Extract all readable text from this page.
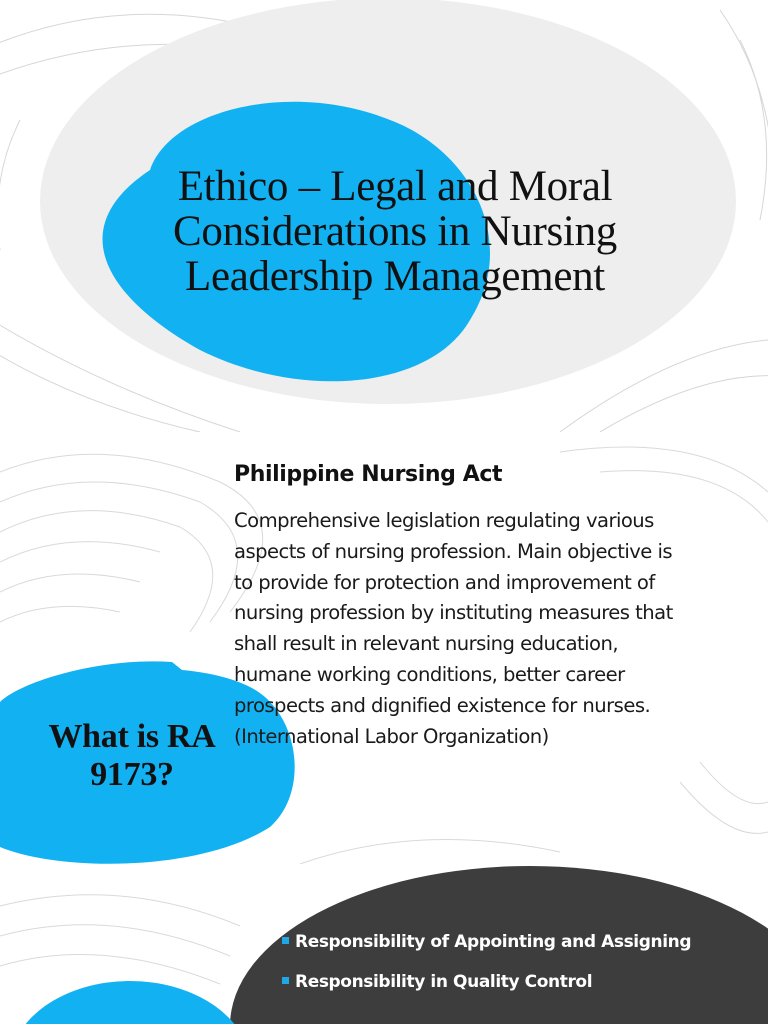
Ethico – Legal and Moral Considerations in Nursing Leadership Management
Philippine Nursing Act
Comprehensive legislation regulating various
aspects of nursing profession. Main objective is
to provide for protection and improvement of
nursing profession by instituting measures that
shall result in relevant nursing education,
humane working conditions, better career
prospects and dignified existence for nurses.
(International Labor Organization)
What is RA 9173?
Responsibility of Appointing and Assigning
Responsibility in Quality Control
